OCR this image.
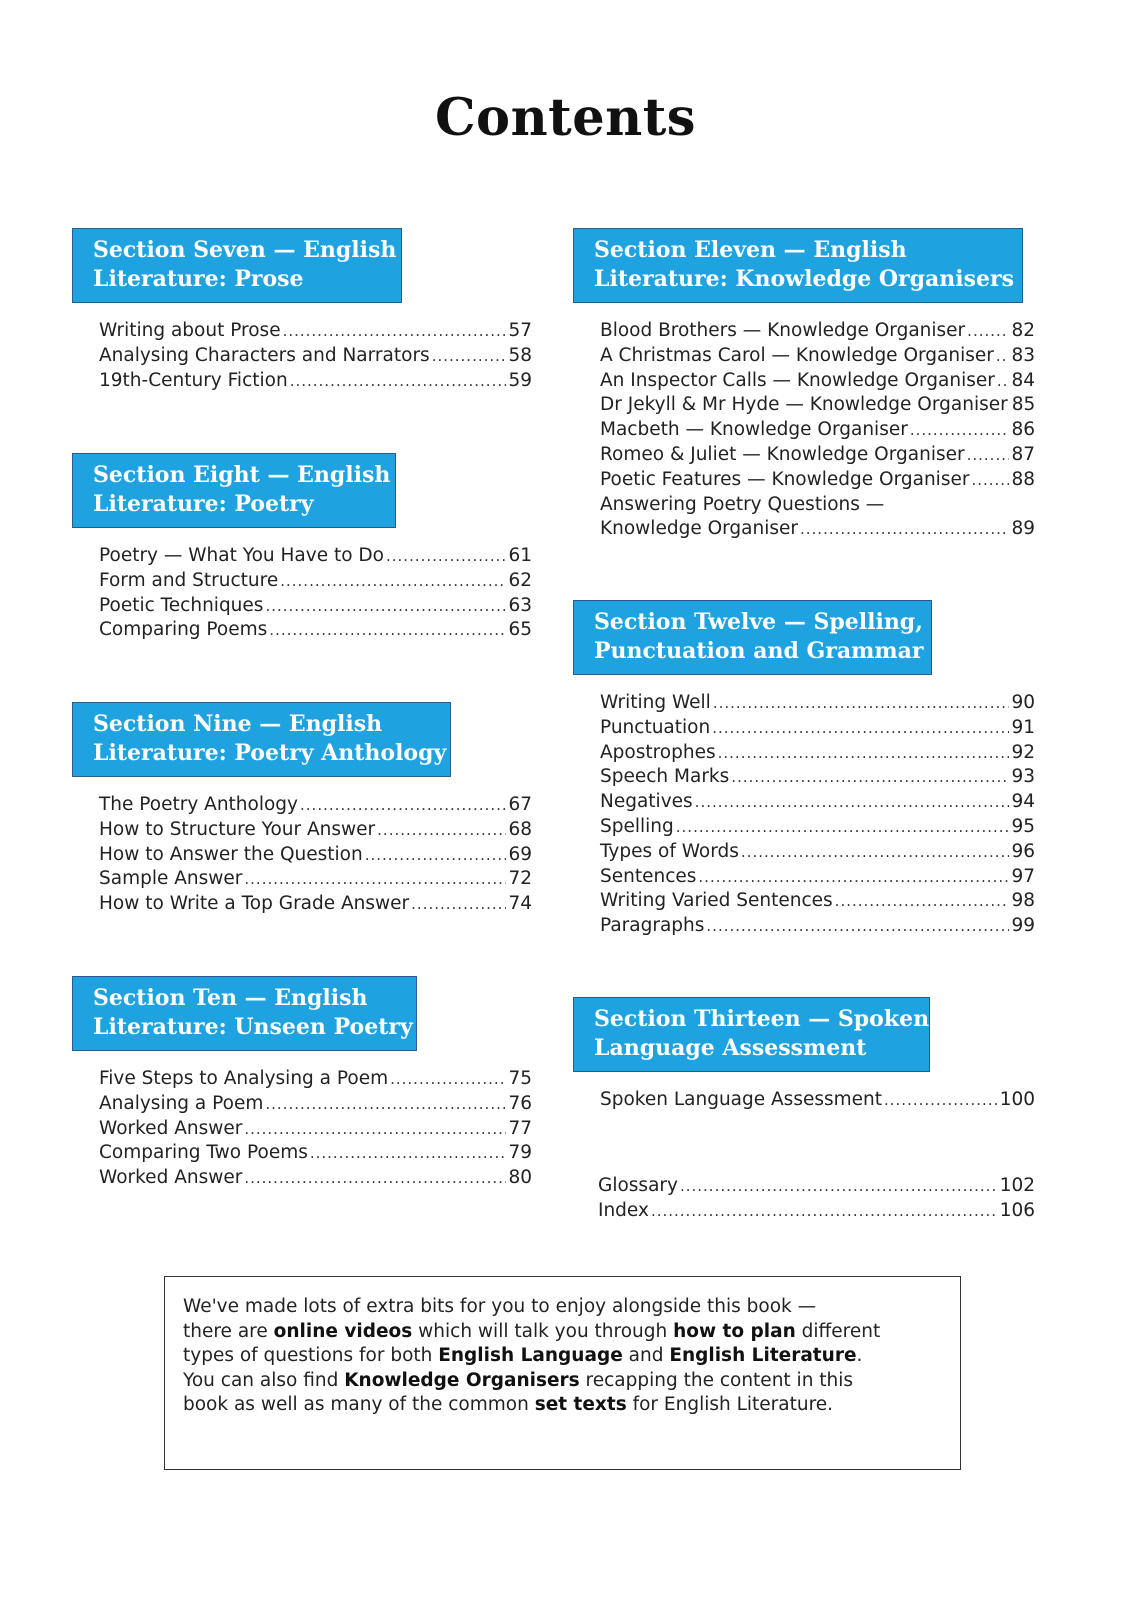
Contents
Section Seven — English
Literature: Prose
Writing about Prose .....	57
Analysing Characters and Narrators .....	58
19th-Century Fiction .....	59
Section Eight — English
Literature: Poetry
Poetry — What You Have to Do .....	61
Form and Structure .....	62
Poetic Techniques .....	63
Comparing Poems .....	65
Section Nine — English
Literature: Poetry Anthology
The Poetry Anthology .....	67
How to Structure Your Answer .....	68
How to Answer the Question .....	69
Sample Answer .....	72
How to Write a Top Grade Answer .....	74
Section Ten — English
Literature: Unseen Poetry
Five Steps to Analysing a Poem .....	75
Analysing a Poem .....	76
Worked Answer .....	77
Comparing Two Poems .....	79
Worked Answer .....	80
Section Eleven — English
Literature: Knowledge Organisers
Blood Brothers — Knowledge Organiser .....	82
A Christmas Carol — Knowledge Organiser ..... 83
An Inspector Calls — Knowledge Organiser ..... 84
Dr Jekyll & Mr Hyde — Knowledge Organiser 85
Macbeth — Knowledge Organiser .....	86
Romeo & Juliet — Knowledge Organiser .....	87
Poetic Features — Knowledge Organiser ..... 88
Answering Poetry Questions —
Knowledge Organiser .....	89
Section Twelve — Spelling,
Punctuation and Grammar
Writing Well .....	90
Punctuation .....	91
Apostrophes .....	92
Speech Marks .....	93
Negatives .....	94
Spelling .....	95
Types of Words .....	96
Sentences .....	97
Writing Varied Sentences .....	98
Paragraphs .....	99
Section Thirteen — Spoken
Language Assessment
Spoken Language Assessment .....	100
Glossary .....	102
Index .....	106
We've made lots of extra bits for you to enjoy alongside this book —
there are online videos which will talk you through how to plan different
types of questions for both English Language and English Literature.
You can also find Knowledge Organisers recapping the content in this
book as well as many of the common set texts for English Literature.
